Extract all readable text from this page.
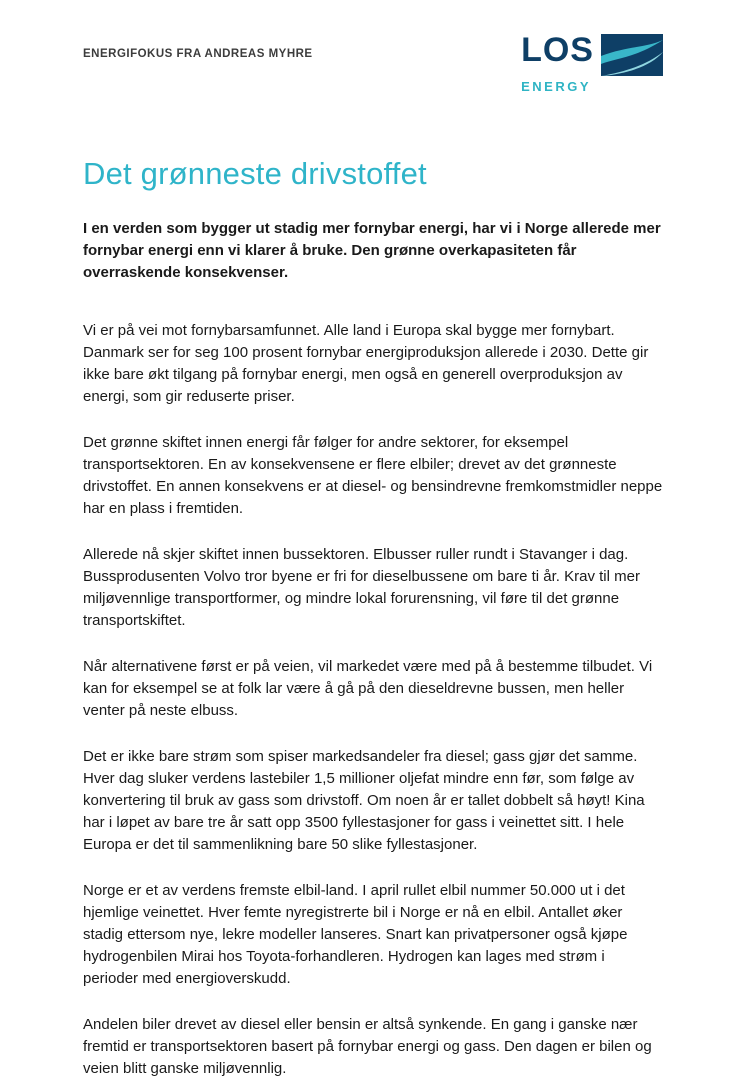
ENERGIFOKUS FRA ANDREAS MYHRE	LOS
ENERGY
Det grønneste drivstoffet

I en verden som bygger ut stadig mer fornybar energi, har vi i Norge allerede mer fornybar energi enn vi klarer å bruke. Den grønne overkapasiteten får overraskende konsekvenser.

Vi er på vei mot fornybarsamfunnet. Alle land i Europa skal bygge mer fornybart. Danmark ser for seg 100 prosent fornybar energiproduksjon allerede i 2030. Dette gir ikke bare økt tilgang på fornybar energi, men også en generell overproduksjon av energi, som gir reduserte priser.

Det grønne skiftet innen energi får følger for andre sektorer, for eksempel transportsektoren. En av konsekvensene er flere elbiler; drevet av det grønneste drivstoffet. En annen konsekvens er at diesel- og bensindrevne fremkomstmidler neppe har en plass i fremtiden.

Allerede nå skjer skiftet innen bussektoren. Elbusser ruller rundt i Stavanger i dag. Bussprodusenten Volvo tror byene er fri for dieselbussene om bare ti år. Krav til mer miljøvennlige transportformer, og mindre lokal forurensning, vil føre til det grønne transportskiftet.

Når alternativene først er på veien, vil markedet være med på å bestemme tilbudet. Vi kan for eksempel se at folk lar være å gå på den dieseldrevne bussen, men heller venter på neste elbuss.

Det er ikke bare strøm som spiser markedsandeler fra diesel; gass gjør det samme. Hver dag sluker verdens lastebiler 1,5 millioner oljefat mindre enn før, som følge av konvertering til bruk av gass som drivstoff. Om noen år er tallet dobbelt så høyt! Kina har i løpet av bare tre år satt opp 3500 fyllestasjoner for gass i veinettet sitt. I hele Europa er det til sammenlikning bare 50 slike fyllestasjoner.

Norge er et av verdens fremste elbil-land. I april rullet elbil nummer 50.000 ut i det hjemlige veinettet. Hver femte nyregistrerte bil i Norge er nå en elbil. Antallet øker stadig ettersom nye, lekre modeller lanseres. Snart kan privatpersoner også kjøpe hydrogenbilen Mirai hos Toyota-forhandleren. Hydrogen kan lages med strøm i perioder med energioverskudd.

Andelen biler drevet av diesel eller bensin er altså synkende. En gang i ganske nær fremtid er transportsektoren basert på fornybar energi og gass. Den dagen er bilen og veien blitt ganske miljøvennlig.
